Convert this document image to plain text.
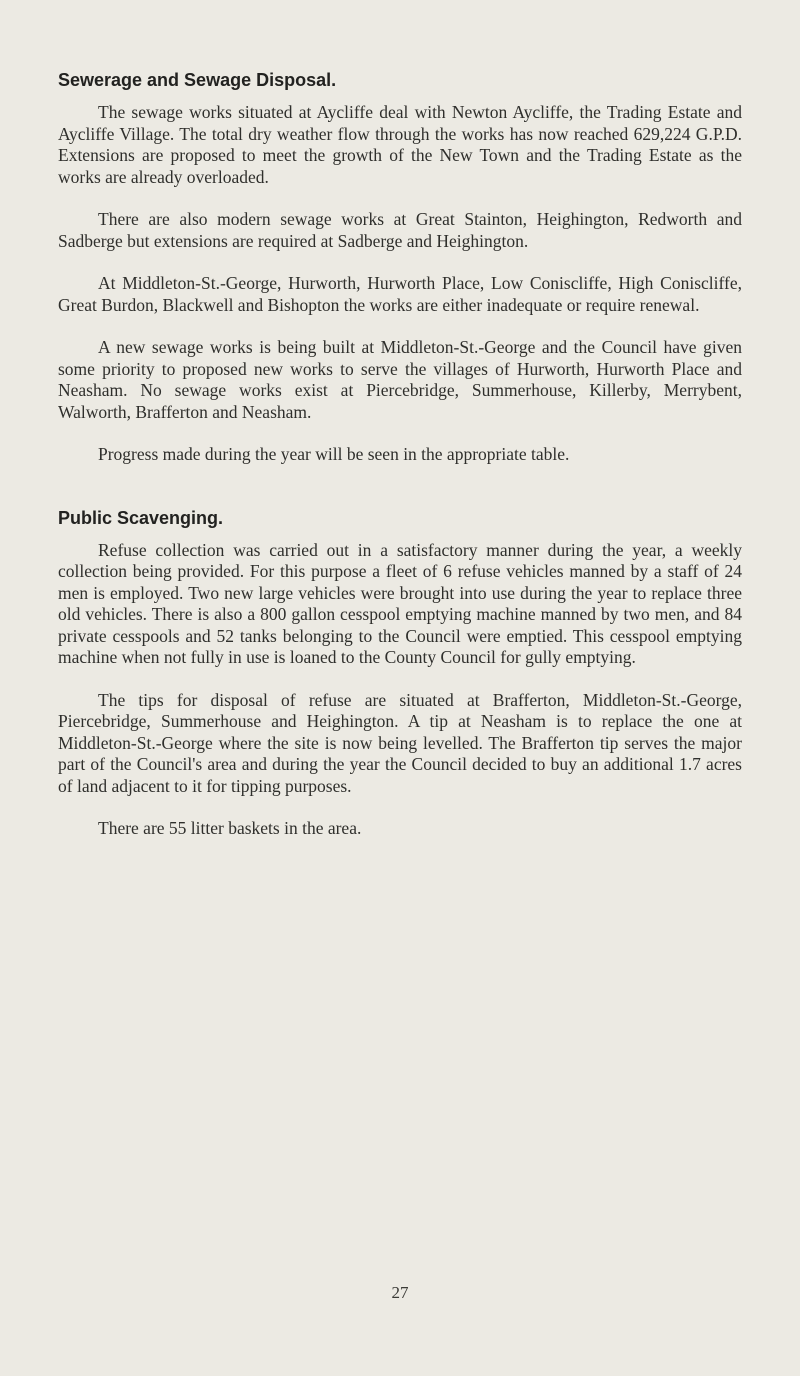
Sewerage and Sewage Disposal.

The sewage works situated at Aycliffe deal with Newton Aycliffe, the Trading Estate and Aycliffe Village. The total dry weather flow through the works has now reached 629,224 G.P.D. Extensions are proposed to meet the growth of the New Town and the Trading Estate as the works are already overloaded.

There are also modern sewage works at Great Stainton, Heighington, Redworth and Sadberge but extensions are required at Sadberge and Heighington.

At Middleton-St.-George, Hurworth, Hurworth Place, Low Coniscliffe, High Coniscliffe, Great Burdon, Blackwell and Bishopton the works are either inadequate or require renewal.

A new sewage works is being built at Middleton-St.-George and the Council have given some priority to proposed new works to serve the villages of Hurworth, Hurworth Place and Neasham. No sewage works exist at Piercebridge, Summerhouse, Killerby, Merrybent, Walworth, Brafferton and Neasham.

Progress made during the year will be seen in the appropriate table.

Public Scavenging.

Refuse collection was carried out in a satisfactory manner during the year, a weekly collection being provided. For this purpose a fleet of 6 refuse vehicles manned by a staff of 24 men is employed. Two new large vehicles were brought into use during the year to replace three old vehicles. There is also a 800 gallon cesspool emptying machine manned by two men, and 84 private cesspools and 52 tanks belonging to the Council were emptied. This cesspool emptying machine when not fully in use is loaned to the County Council for gully emptying.

The tips for disposal of refuse are situated at Brafferton, Middleton-St.-George, Piercebridge, Summerhouse and Heighington. A tip at Neasham is to replace the one at Middleton-St.-George where the site is now being levelled. The Brafferton tip serves the major part of the Council's area and during the year the Council decided to buy an additional 1.7 acres of land adjacent to it for tipping purposes.

There are 55 litter baskets in the area.

27
